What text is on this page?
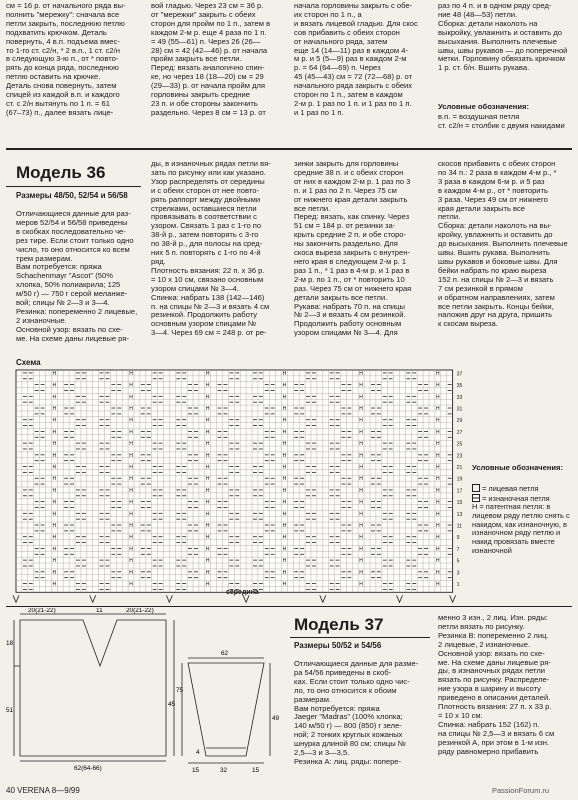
см = 16 р. от начального ряда вы-
полнить "мережку": сначала все
петли закрыть, последнюю петлю
подхватить крючком. Деталь
повернуть, 4 в.п. подъема вмес-
то 1-го ст. с2/н, * 2 в.п., 1 ст. с2/н
в следующую 3-ю п., от * повто-
рять до конца ряда, последнюю
петлю оставить на крючке.
Деталь снова повернуть, затем
спицей из каждой в.п. и каждого
ст. с 2/н вытянуть по 1 п. = 61
(67–73) п., далее вязать лице-
вой гладью. Через 23 см = 36 р.
от "мережки" закрыть с обеих
сторон для пройм по 1 п., затем в
каждом 2-м р. еще 4 раза по 1 п.
= 49 (55—61) п. Через 26 (26—
28) см = 42 (42—46) р. от начала
пройм закрыть все петли.
Перед: вязать аналогично спин-
ке, но через 18 (18—20) см = 29
(29—33) р. от начала пройм для
горловины закрыть средние
23 п. и обе стороны закончить
раздельно. Через 8 см = 13 р. от
начала горловины закрыть с обе-
их сторон по 1 п., а
и вязать лицевой гладью. Для скос
сов прибавить с обеих сторон
от начального ряда, затем
еще 14 (14—11) раз в каждом 4-
м р. и 5 (5—9) раз в каждом 2-м
р. = 64 (64—69) п. Через
45 (45—43) см = 72 (72—68) р. от
начального ряда закрыть с обеих
сторон по 1 п., затем в каждом
2-м р. 1 раз по 1 п. и 1 раз по 1 п.
и 1 раз по 1 п.
раз по 4 п. и в одном ряду сред-
ние 48 (48—53) петли.
Сборка: детали наколоть на
выкройку, увлажнить и оставить до
высыхания. Выполнить плечевые
швы, швы рукавов — до поперечной
метки. Горловину обвязать крючком
1 р. ст. б/н. Вшить рукава.
Условные обозначения:
в.п. = воздушная петля
ст. с2/н = столбик с двумя накидами
Модель 36
Размеры 48/50, 52/54 и 56/58
Отличающиеся данные для раз-
меров 52/54 и 56/58 приведены
в скобках последовательно че-
рез тире. Если стоит только одно
число, то оно относится ко всем
трем размерам.
Вам потребуется: пряжа
Schachenmayr "Ascot" (50%
хлопка, 50% полиакрила; 125
м/50 г) — 750 г серой меланже-
вой; спицы № 2—3 и 3—4.
Резинка: попеременно 2 лицевые,
2 изнаночные.
Основной узор: вязать по схе-
ме. На схеме даны лицевые ря-
ды, в изнаночных рядах петли вя-
зать по рисунку или как указано.
Узор распределять от середины
и с обеих сторон от нее повто-
рять раппорт между двойными
стрелками, оставшиеся петли
провязывать в соответствии с
узором. Связать 1 раз с 1-го по
38-й р., затем повторять с 3-го
по 38-й р., для полосы на сред-
них 5 п. повторять с 1-го по 4-й
ряд.
Плотность вязания: 22 п. х 36 р.
= 10 х 10 см, связано основным
узором спицами № 3—4.
Спинка: набрать 138 (142—146)
п. на спицы № 2—3 и вязать 4 см
резинкой. Продолжить работу
основным узором спицами №
3—4. Через 69 см = 248 р. от ре-
зинки закрыть для горловины
средние 38 п. и с обеих сторон
от них в каждом 2-м р. 1 раз по 3
п. и 1 раз по 2 п. Через 75 см
от нижнего края детали закрыть
все петли.
Перед: вязать, как спинку. Через
51 см = 184 р. от резинки за-
крыть средние 2 п. и обе сторо-
ны закончить раздельно. Для
скоса выреза закрыть с внутрен-
него края в следующем 2-м р. 1
раз 1 п., * 1 раз в 4-м р. и 1 раз в
2-м р. по 1 п., от * повторить 10
раз. Через 75 см от нижнего края
детали закрыть все петли.
Рукава: набрать 70 п. на спицы
№ 2—3 и вязать 4 см резинкой.
Продолжить работу основным
узором спицами № 3—4. Для
скосов прибавить с обеих сторон
по 34 п.: 2 раза в каждом 4-м р., *
3 раза в каждом 6-м р. и 5 раз
в каждом 4-м р., от * повторить
3 раза. Через 49 см от нижнего
края детали закрыть все
петли.
Сборка: детали наколоть на вы-
кройку, увлажнить и оставить до
до высыхания. Выполнить плечевые
швы. Вшить рукава. Выполнить
швы рукавов и боковые швы. Для
бейки набрать по краю выреза
152 п. на спицы № 2—3 и вязать
7 см резинкой в прямом
и обратном направлениях, затем
все петли закрыть. Концы бейки,
наложив друг на друга, пришить
к скосам выреза.
Схема
H	H	H	H	H	H
H	H	H	H	H	H
H	H	H	H	H	H
H	H	H	H	H	H
H	H	H	H	H	H
H	H	H	H	H	H
H	H	H	H	H	H
H	H	H	H	H	H
H	H	H	H	H	H
H	H	H	H	H	H
H	H	H	H	H	H
H	H	H	H	H	H
H	H	H	H	H	H
H	H	H	H	H	H
H	H	H	H	H	H
H	H	H	H	H	H
H	H	H	H	H	H
H	H	H	H	H	H
H	H	H	H	H	H
37
35
33
31
29
27
25
23
21
19
17
15
13
11
9
7
5
3
1
середина
Условные обозначения:
= лицевая петля
= изнаночная петля
H = патентная петля: в лицевом ряду петлю снять с накидом, как изнаночную, в изнаночном ряду петлю и накид провязать вместе изнаночной
20(21-22)	11	20(21-22)
18
51
75
62(64-66)
62
45
49
15	32	15
4
Модель 37
Размеры 50/52 и 54/56
Отличающиеся данные для разме-
ра 54/56 приведены в скоб-
ках. Если стоит только одно чис-
ло, то оно относится к обоим
размерам.
Вам потребуется: пряжа
Jaeger "Madras" (100% хлопка;
140 м/50 г) — 800 (850) г зеле-
ной; 2 тонких круглых кожаных
шнурка длиной 80 см; спицы №
2,5—3 и 3—3,5.
Резинка А: лиц. ряды: попере-
менно 3 изн., 2 лиц. Изн. ряды:
петли вязать по рисунку.
Резинка В: попеременно 2 лиц.
2 лицевые, 2 изнаночные.
Основной узор: вязать по схе-
ме. На схеме даны лицевые ря-
ды, в изнаночных рядах петли
вязать по рисунку. Распределе-
ние узора в ширину и высоту
приведено в описании деталей.
Плотность вязания: 27 п. х 33 р.
= 10 х 10 см.
Спинка: набрать 152 (162) п.
на спицы № 2,5—3 и вязать 6 см
резинкой А, при этом в 1-м изн.
ряду равномерно прибавить
40 VERENA 8—9/99	PassionForum.ru
